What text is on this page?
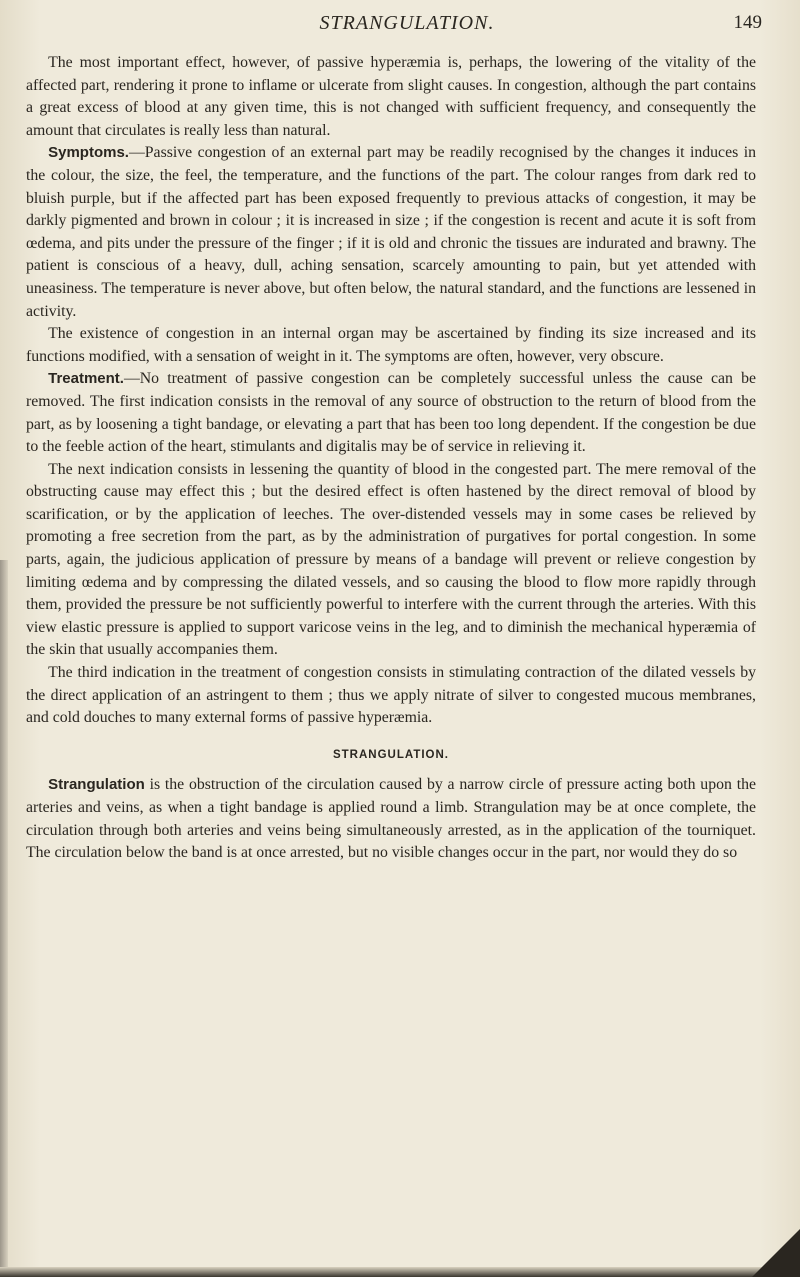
STRANGULATION.	149

The most important effect, however, of passive hyperæmia is, perhaps, the lowering of the vitality of the affected part, rendering it prone to inflame or ulcerate from slight causes. In congestion, although the part contains a great excess of blood at any given time, this is not changed with sufficient frequency, and consequently the amount that circulates is really less than natural.

Symptoms.—Passive congestion of an external part may be readily recognised by the changes it induces in the colour, the size, the feel, the temperature, and the functions of the part. The colour ranges from dark red to bluish purple, but if the affected part has been exposed frequently to previous attacks of congestion, it may be darkly pigmented and brown in colour ; it is increased in size ; if the congestion is recent and acute it is soft from œdema, and pits under the pressure of the finger ; if it is old and chronic the tissues are indurated and brawny. The patient is conscious of a heavy, dull, aching sensation, scarcely amounting to pain, but yet attended with uneasiness. The temperature is never above, but often below, the natural standard, and the functions are lessened in activity.

The existence of congestion in an internal organ may be ascertained by finding its size increased and its functions modified, with a sensation of weight in it. The symptoms are often, however, very obscure.

Treatment.—No treatment of passive congestion can be completely successful unless the cause can be removed. The first indication consists in the removal of any source of obstruction to the return of blood from the part, as by loosening a tight bandage, or elevating a part that has been too long dependent. If the congestion be due to the feeble action of the heart, stimulants and digitalis may be of service in relieving it.

The next indication consists in lessening the quantity of blood in the congested part. The mere removal of the obstructing cause may effect this ; but the desired effect is often hastened by the direct removal of blood by scarification, or by the application of leeches. The over-distended vessels may in some cases be relieved by promoting a free secretion from the part, as by the administration of purgatives for portal congestion. In some parts, again, the judicious application of pressure by means of a bandage will prevent or relieve congestion by limiting œdema and by compressing the dilated vessels, and so causing the blood to flow more rapidly through them, provided the pressure be not sufficiently powerful to interfere with the current through the arteries. With this view elastic pressure is applied to support varicose veins in the leg, and to diminish the mechanical hyperæmia of the skin that usually accompanies them.

The third indication in the treatment of congestion consists in stimulating contraction of the dilated vessels by the direct application of an astringent to them ; thus we apply nitrate of silver to congested mucous membranes, and cold douches to many external forms of passive hyperæmia.

STRANGULATION.

Strangulation is the obstruction of the circulation caused by a narrow circle of pressure acting both upon the arteries and veins, as when a tight bandage is applied round a limb. Strangulation may be at once complete, the circulation through both arteries and veins being simultaneously arrested, as in the application of the tourniquet. The circulation below the band is at once arrested, but no visible changes occur in the part, nor would they do so
